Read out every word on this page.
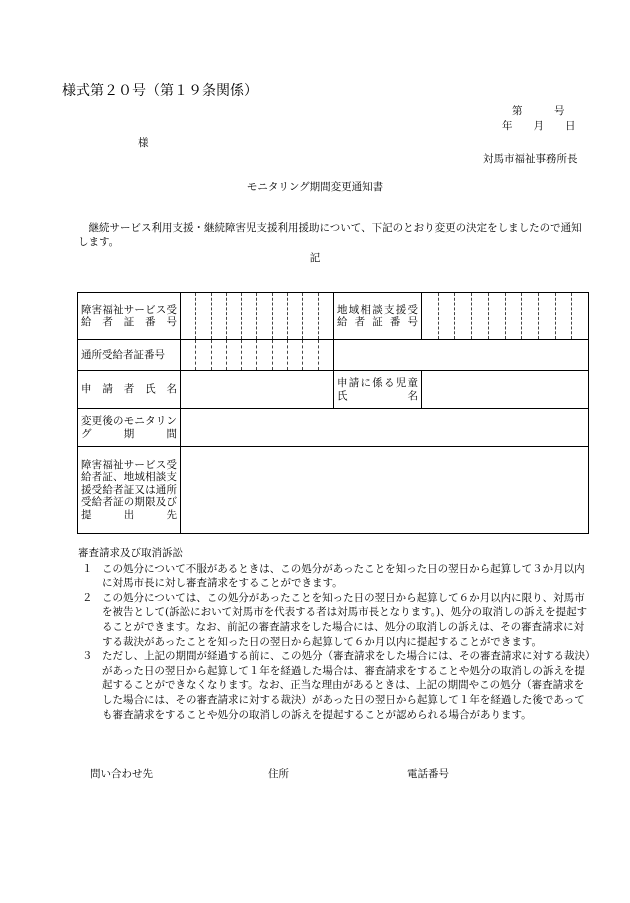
様式第２０号（第１９条関係）
第　　　号
年　　月　　日
様
対馬市福祉事務所長
モニタリング期間変更通知書
継続サービス利用支援・継続障害児支援利用援助について、下記のとおり変更の決定をしましたので通知します。
記
障害福祉サービス受給者証番号		地域相談支援受給者証番号	

通所受給者証番号		

申請者氏名		申請に係る児童氏名	
変更後のモニタリング期間			
障害福祉サービス受給者証、地域相談支援受給者証又は通所受給者証の期限及び提出先			
審査請求及び取消訴訟
１ この処分について不服があるときは、この処分があったことを知った日の翌日から起算して３か月以内に対馬市長に対し審査請求をすることができます。
２ この処分については、この処分があったことを知った日の翌日から起算して６か月以内に限り、対馬市を被告として(訴訟において対馬市を代表する者は対馬市長となります。)、処分の取消しの訴えを提起することができます。なお、前記の審査請求をした場合には、処分の取消しの訴えは、その審査請求に対する裁決があったことを知った日の翌日から起算して６か月以内に提起することができます。
３ ただし、上記の期間が経過する前に、この処分（審査請求をした場合には、その審査請求に対する裁決）があった日の翌日から起算して１年を経過した場合は、審査請求をすることや処分の取消しの訴えを提起することができなくなります。なお、正当な理由があるときは、上記の期間やこの処分（審査請求をした場合には、その審査請求に対する裁決）があった日の翌日から起算して１年を経過した後であっても審査請求をすることや処分の取消しの訴えを提起することが認められる場合があります。
問い合わせ先	住所	電話番号
